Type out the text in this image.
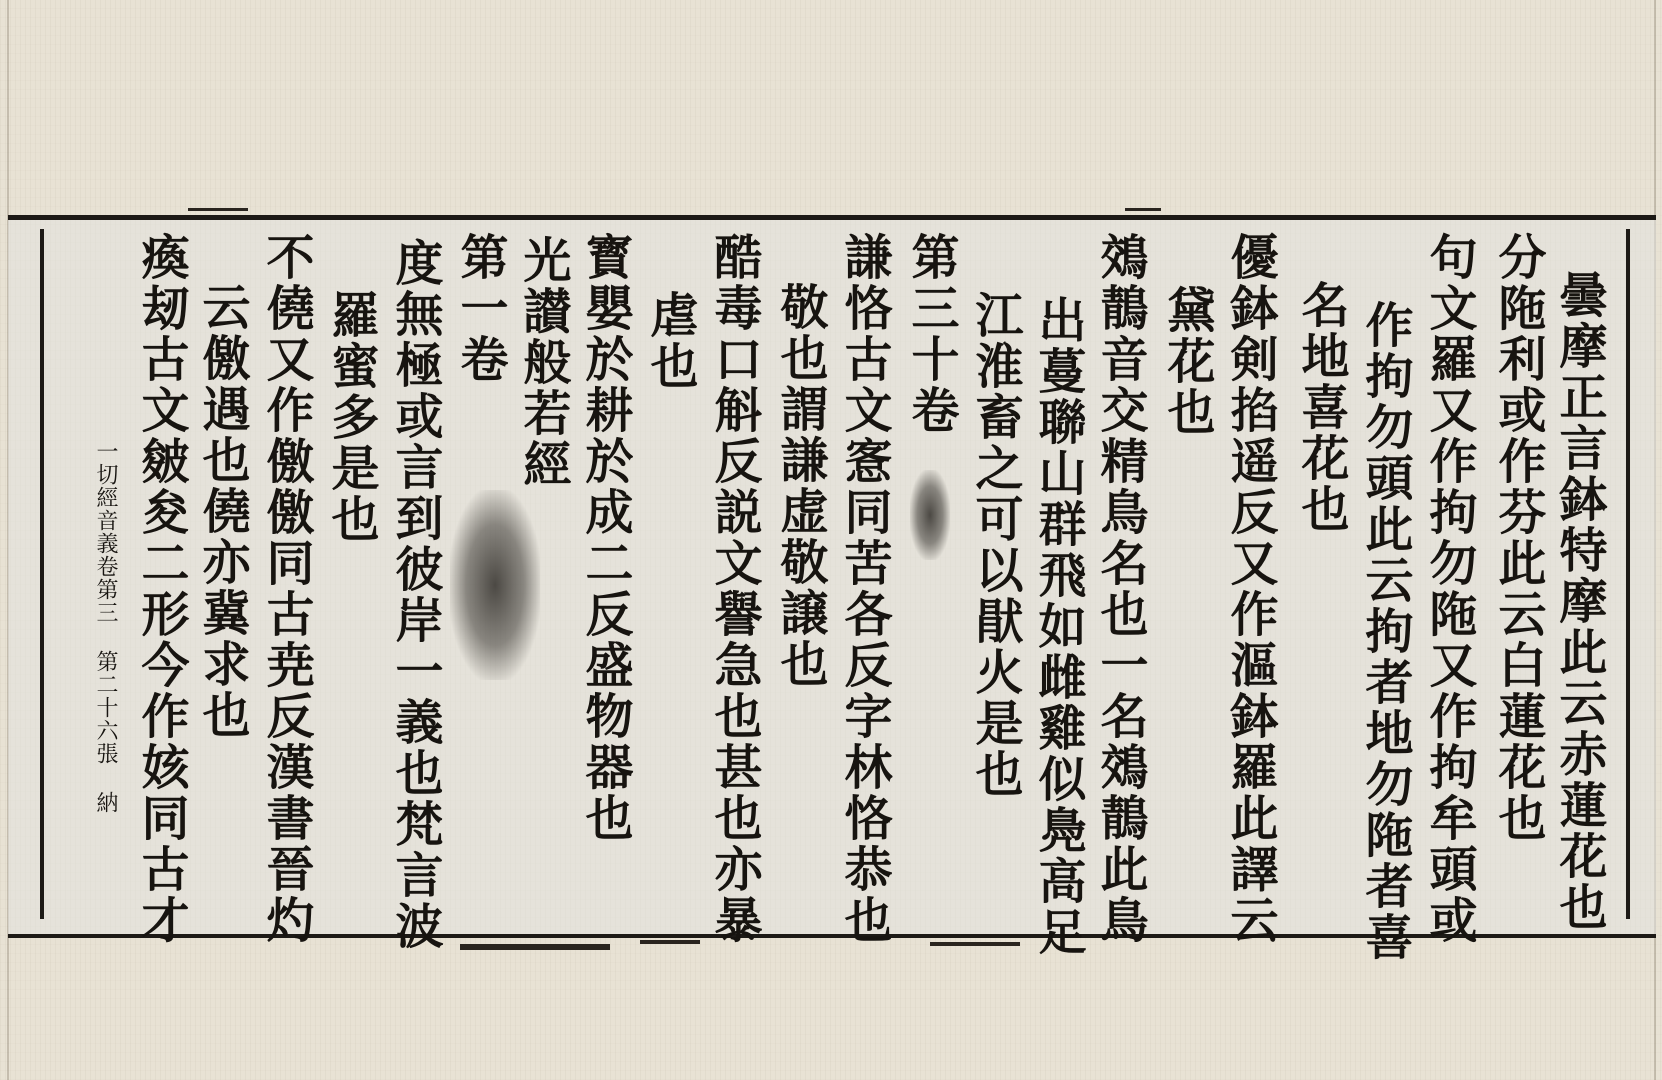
曇摩正言鉢特摩此云赤蓮花也
分陁利或作芬此云白蓮花也
句文羅又作拘勿陁又作拘牟頭或
作拘勿頭此云拘者地勿陁者喜
名地喜花也
優鉢剣掐遥反又作漚鉢羅此譯云
黛花也
鵁鶄音交精鳥名也一名鵁鶄此鳥
出蔓聯山群飛如雌雞似鳧高足
江淮畜之可以猒火是也
第三十卷
謙恪古文愙同苦各反字林恪恭也
敬也謂謙虚敬譲也
酷毒口斛反説文譽急也甚也亦暴
虐也
寳嬰於耕於成二反盛物器也
光讃般若經
第一卷
度無極或言到彼岸一義也梵言波
羅蜜多是也
不僥又作儌儌同古尭反漢書晉灼
云儌遇也僥亦冀求也
瘓刼古文皴夋二形今作姟同古才
一切經音義卷第三 第二十六張 納
